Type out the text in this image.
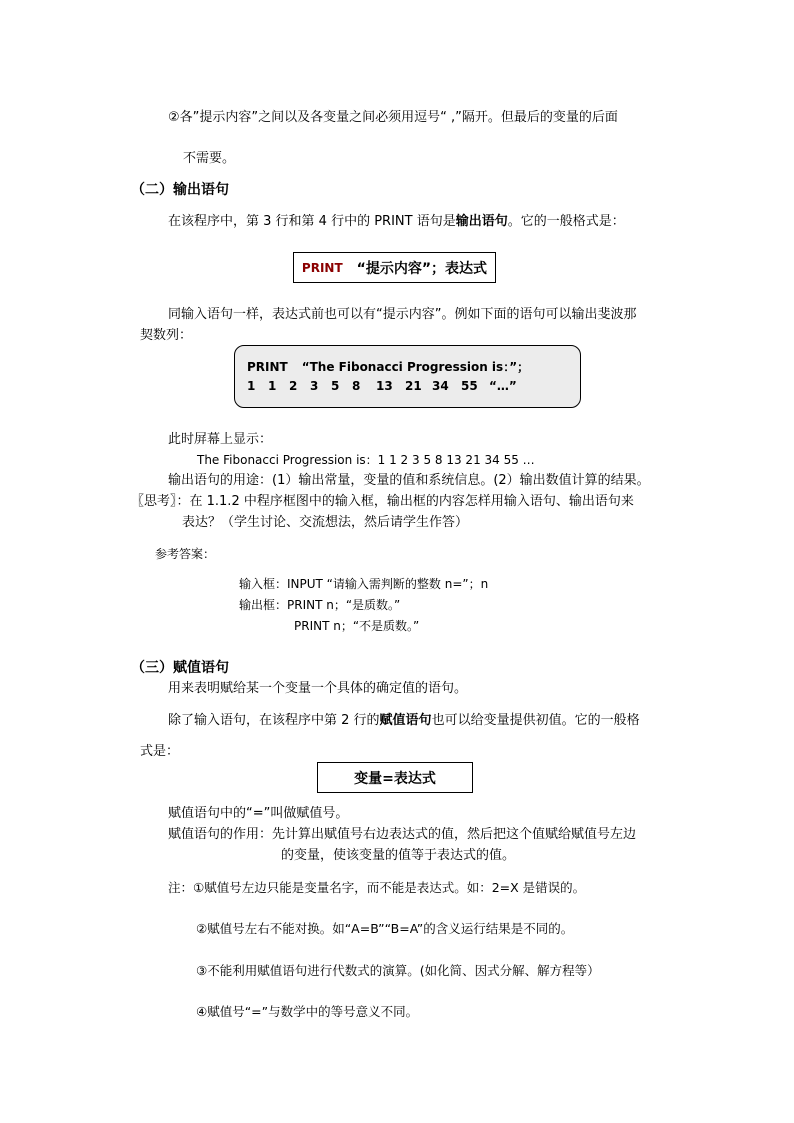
②各”提示内容”之间以及各变量之间必须用逗号“ ,”隔开。但最后的变量的后面
不需要。
（二）输出语句
在该程序中，第 3 行和第 4 行中的 PRINT 语句是输出语句。它的一般格式是：
PRINT “提示内容”；表达式
同输入语句一样，表达式前也可以有“提示内容”。例如下面的语句可以输出斐波那
契数列：
PRINT “The Fibonacci Progression is：”；
1 1 2 3 5 8 13 21 34 55 “…”
此时屏幕上显示：
The Fibonacci Progression is：1 1 2 3 5 8 13 21 34 55 …
输出语句的用途：(1）输出常量，变量的值和系统信息。(2）输出数值计算的结果。
〖思考〗：在 1.1.2 中程序框图中的输入框，输出框的内容怎样用输入语句、输出语句来
表达？（学生讨论、交流想法，然后请学生作答）
参考答案：
输入框：INPUT “请输入需判断的整数 n=”；n
输出框：PRINT n；“是质数。”
PRINT n；“不是质数。”
（三）赋值语句
用来表明赋给某一个变量一个具体的确定值的语句。
除了输入语句，在该程序中第 2 行的赋值语句也可以给变量提供初值。它的一般格
式是：
变量=表达式
赋值语句中的“=”叫做赋值号。
赋值语句的作用：先计算出赋值号右边表达式的值，然后把这个值赋给赋值号左边
的变量，使该变量的值等于表达式的值。
注：①赋值号左边只能是变量名字，而不能是表达式。如：2=X 是错误的。
②赋值号左右不能对换。如“A=B”“B=A”的含义运行结果是不同的。
③不能利用赋值语句进行代数式的演算。(如化简、因式分解、解方程等）
④赋值号“=”与数学中的等号意义不同。
